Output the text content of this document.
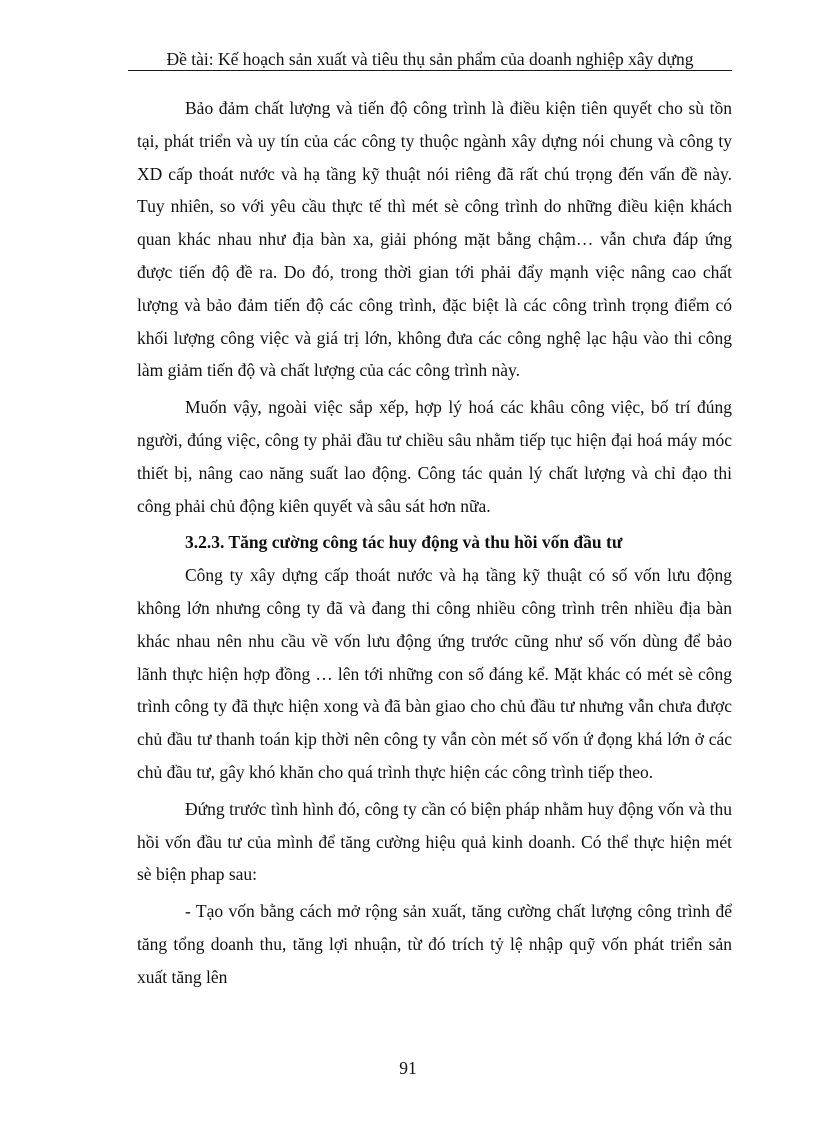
Đề tài: Kế hoạch sản xuất và tiêu thụ sản phẩm của doanh nghiệp xây dựng

Bảo đảm chất lượng và tiến độ công trình là điều kiện tiên quyết cho sù tồn tại, phát triển và uy tín của các công ty thuộc ngành xây dựng nói chung và công ty XD cấp thoát nước và hạ tầng kỹ thuật nói riêng đã rất chú trọng đến vấn đề này. Tuy nhiên, so với yêu cầu thực tế thì mét sè công trình do những điều kiện khách quan khác nhau như địa bàn xa, giải phóng mặt bằng chậm… vẫn chưa đáp ứng được tiến độ đề ra. Do đó, trong thời gian tới phải đẩy mạnh việc nâng cao chất lượng và bảo đảm tiến độ các công trình, đặc biệt là các công trình trọng điểm có khối lượng công việc và giá trị lớn, không đưa các công nghệ lạc hậu vào thi công làm giảm tiến độ và chất lượng của các công trình này.

Muốn vậy, ngoài việc sắp xếp, hợp lý hoá các khâu công việc, bố trí đúng người, đúng việc, công ty phải đầu tư chiều sâu nhằm tiếp tục hiện đại hoá máy móc thiết bị, nâng cao năng suất lao động. Công tác quản lý chất lượng và chỉ đạo thi công phải chủ động kiên quyết và sâu sát hơn nữa.

3.2.3. Tăng cường công tác huy động và thu hồi vốn đầu tư

Công ty xây dựng cấp thoát nước và hạ tầng kỹ thuật có số vốn lưu động không lớn nhưng công ty đã và đang thi công nhiều công trình trên nhiều địa bàn khác nhau nên nhu cầu về vốn lưu động ứng trước cũng như số vốn dùng để bảo lãnh thực hiện hợp đồng … lên tới những con số đáng kể. Mặt khác có mét sè công trình công ty đã thực hiện xong và đã bàn giao cho chủ đầu tư nhưng vẫn chưa được chủ đầu tư thanh toán kịp thời nên công ty vẫn còn mét số vốn ứ đọng khá lớn ở các chủ đầu tư, gây khó khăn cho quá trình thực hiện các công trình tiếp theo.

Đứng trước tình hình đó, công ty cần có biện pháp nhằm huy động vốn và thu hồi vốn đầu tư của mình để tăng cường hiệu quả kinh doanh. Có thể thực hiện mét sè biện phap sau:

- Tạo vốn bằng cách mở rộng sản xuất, tăng cường chất lượng công trình để tăng tổng doanh thu, tăng lợi nhuận, từ đó trích tỷ lệ nhập quỹ vốn phát triển sản xuất tăng lên

91
